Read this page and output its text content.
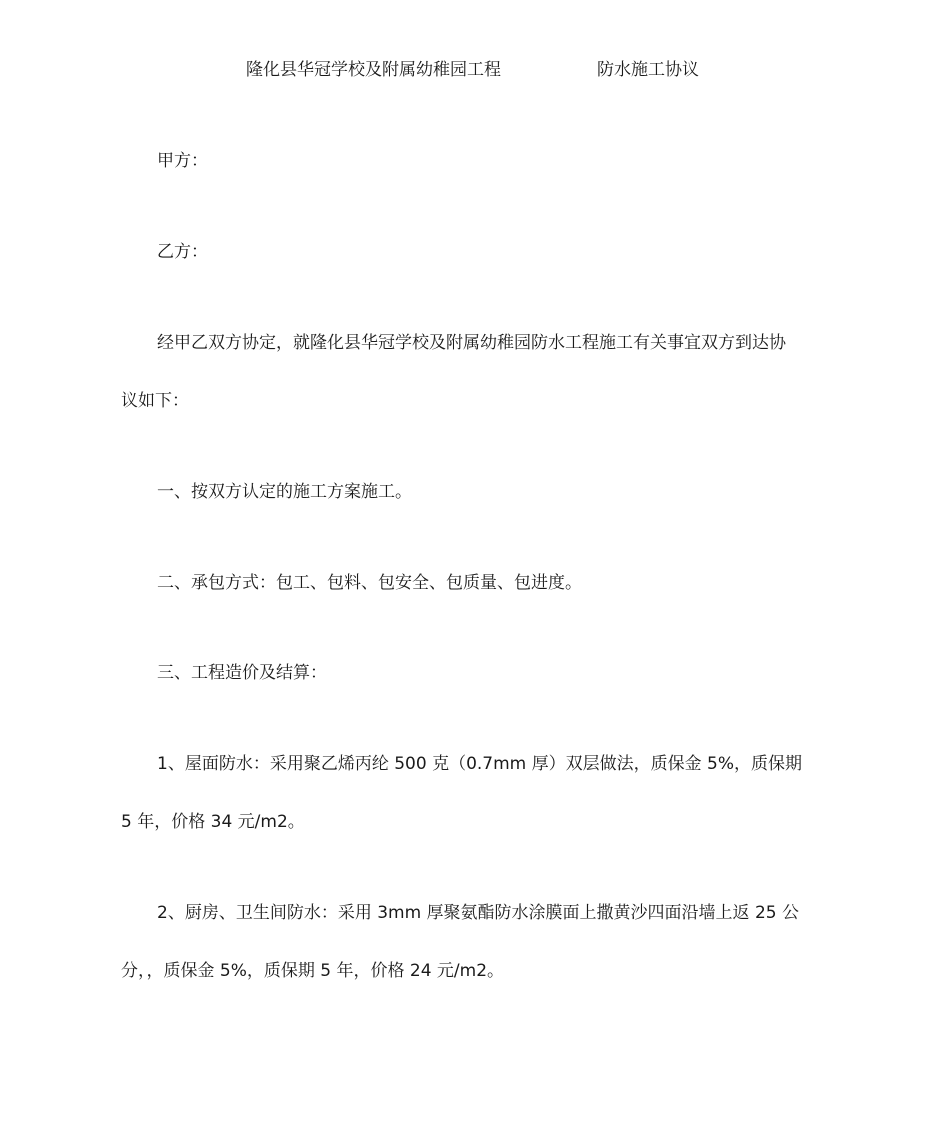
隆化县华冠学校及附属幼稚园工程	防水施工协议
甲方：
乙方：
经甲乙双方协定，就隆化县华冠学校及附属幼稚园防水工程施工有关事宜双方到达协
议如下：
一、按双方认定的施工方案施工。
二、承包方式：包工、包料、包安全、包质量、包进度。
三、工程造价及结算：
1、屋面防水：采用聚乙烯丙纶 500 克（0.7mm 厚）双层做法，质保金 5%，质保期
5 年，价格 34 元/m2。
2、厨房、卫生间防水：采用 3mm 厚聚氨酯防水涂膜面上撒黄沙四面沿墙上返 25 公
分，，质保金 5%，质保期 5 年，价格 24 元/m2。
